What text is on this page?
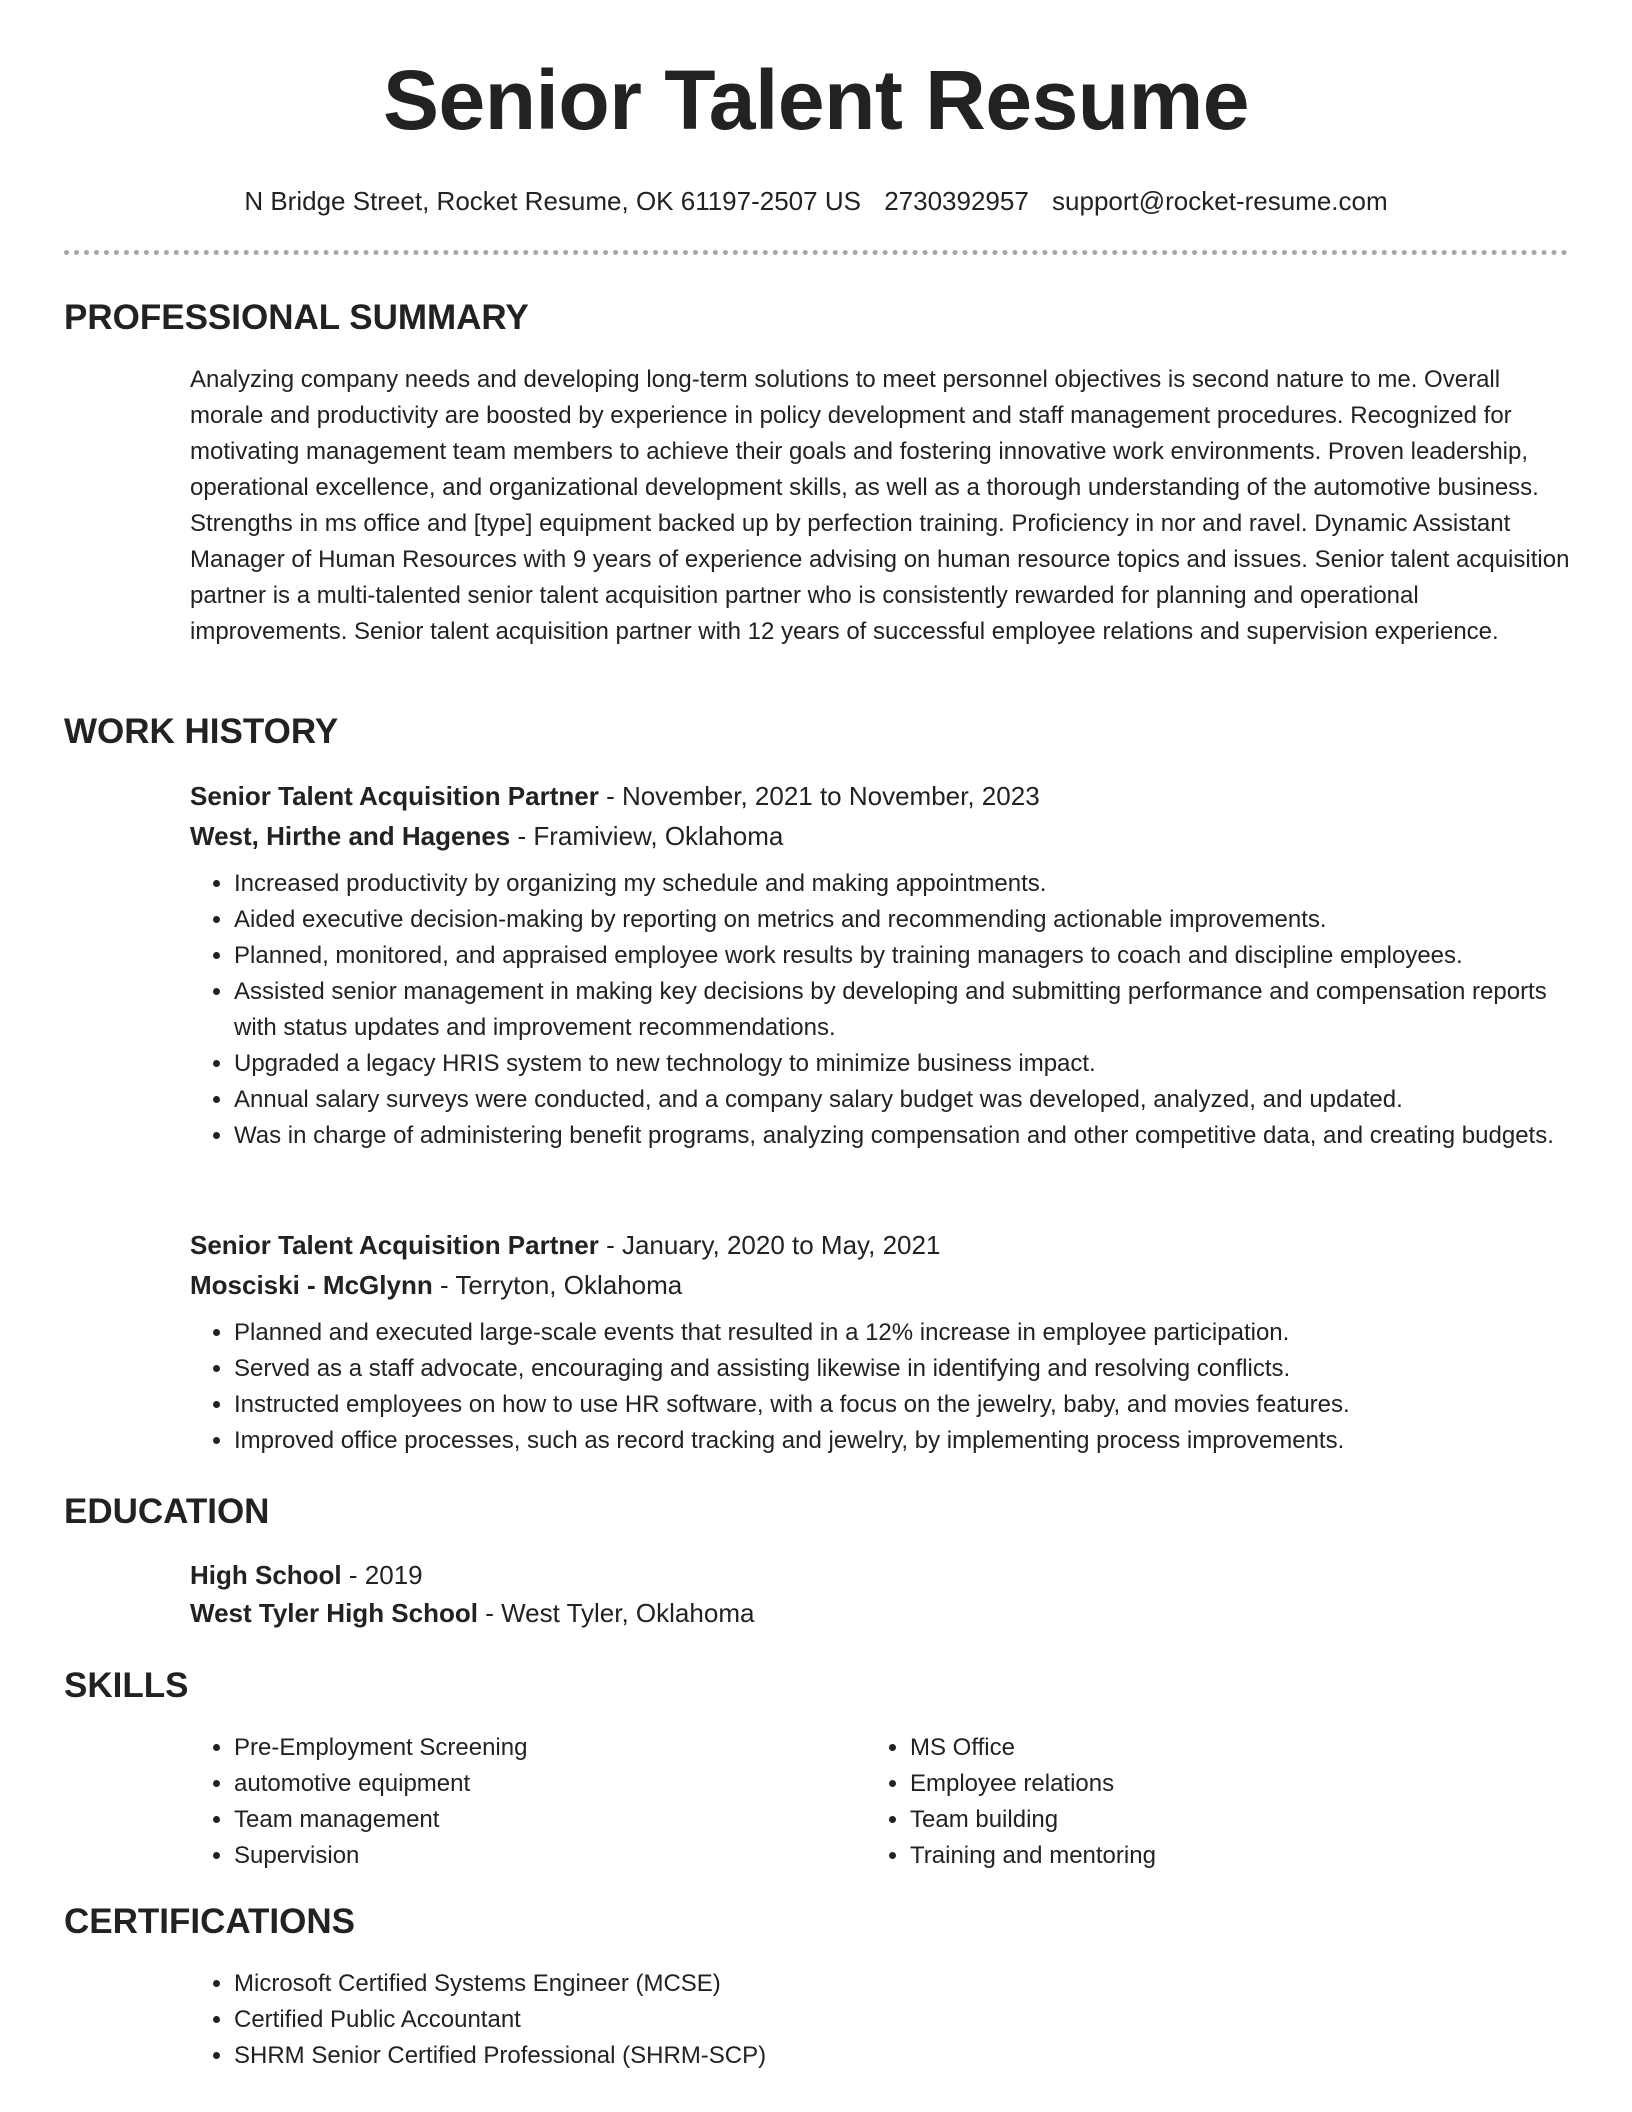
Senior Talent Resume
N Bridge Street, Rocket Resume, OK 61197-2507 US 2730392957 support@rocket-resume.com
PROFESSIONAL SUMMARY

Analyzing company needs and developing long-term solutions to meet personnel objectives is second nature to me. Overall morale and productivity are boosted by experience in policy development and staff management procedures. Recognized for motivating management team members to achieve their goals and fostering innovative work environments. Proven leadership, operational excellence, and organizational development skills, as well as a thorough understanding of the automotive business. Strengths in ms office and [type] equipment backed up by perfection training. Proficiency in nor and ravel. Dynamic Assistant Manager of Human Resources with 9 years of experience advising on human resource topics and issues. Senior talent acquisition partner is a multi-talented senior talent acquisition partner who is consistently rewarded for planning and operational improvements. Senior talent acquisition partner with 12 years of successful employee relations and supervision experience.

WORK HISTORY

Senior Talent Acquisition Partner - November, 2021 to November, 2023

West, Hirthe and Hagenes - Framiview, Oklahoma

• Increased productivity by organizing my schedule and making appointments.
• Aided executive decision-making by reporting on metrics and recommending actionable improvements.
• Planned, monitored, and appraised employee work results by training managers to coach and discipline employees.
• Assisted senior management in making key decisions by developing and submitting performance and compensation reports with status updates and improvement recommendations.
• Upgraded a legacy HRIS system to new technology to minimize business impact.
• Annual salary surveys were conducted, and a company salary budget was developed, analyzed, and updated.
• Was in charge of administering benefit programs, analyzing compensation and other competitive data, and creating budgets.

Senior Talent Acquisition Partner - January, 2020 to May, 2021

Mosciski - McGlynn - Terryton, Oklahoma

• Planned and executed large-scale events that resulted in a 12% increase in employee participation.
• Served as a staff advocate, encouraging and assisting likewise in identifying and resolving conflicts.
• Instructed employees on how to use HR software, with a focus on the jewelry, baby, and movies features.
• Improved office processes, such as record tracking and jewelry, by implementing process improvements.
EDUCATION

High School - 2019

West Tyler High School - West Tyler, Oklahoma

SKILLS
• Pre-Employment Screening
• automotive equipment
• Team management
• Supervision
• MS Office
• Employee relations
• Team building
• Training and mentoring
CERTIFICATIONS
• Microsoft Certified Systems Engineer (MCSE)
• Certified Public Accountant
• SHRM Senior Certified Professional (SHRM-SCP)
